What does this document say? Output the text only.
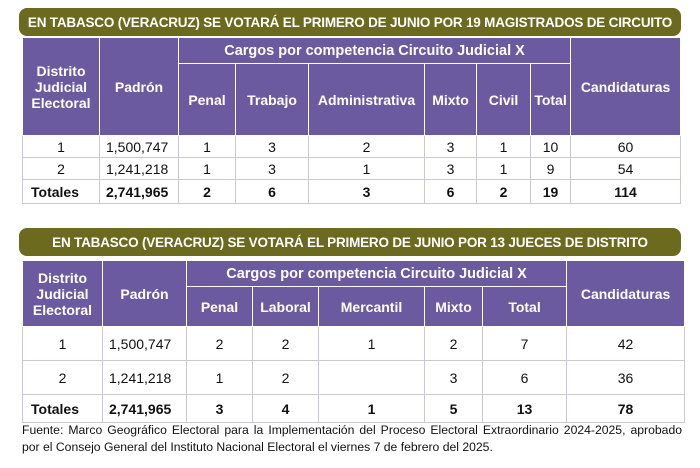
EN TABASCO (VERACRUZ) SE VOTARÁ EL PRIMERO DE JUNIO POR 19 MAGISTRADOS DE CIRCUITO
Distrito Judicial Electoral	Padrón	Cargos por competencia Circuito Judicial X						Candidaturas
		Penal	Trabajo	Administrativa	Mixto	Civil	Total	
1	1,500,747	1	3	2	3	1	10	60
2	1,241,218	1	3	1	3	1	9	54
Totales	2,741,965	2	6	3	6	2	19	114
EN TABASCO (VERACRUZ) SE VOTARÁ EL PRIMERO DE JUNIO POR 13 JUECES DE DISTRITO
Distrito Judicial Electoral	Padrón	Cargos por competencia Circuito Judicial X					Candidaturas
		Penal	Laboral	Mercantil	Mixto	Total	
1	1,500,747	2	2	1	2	7	42
2	1,241,218	1	2		3	6	36
Totales	2,741,965	3	4	1	5	13	78
Fuente: Marco Geográfico Electoral para la Implementación del Proceso Electoral Extraordinario 2024-2025, aprobado por el Consejo General del Instituto Nacional Electoral el viernes 7 de febrero del 2025.
